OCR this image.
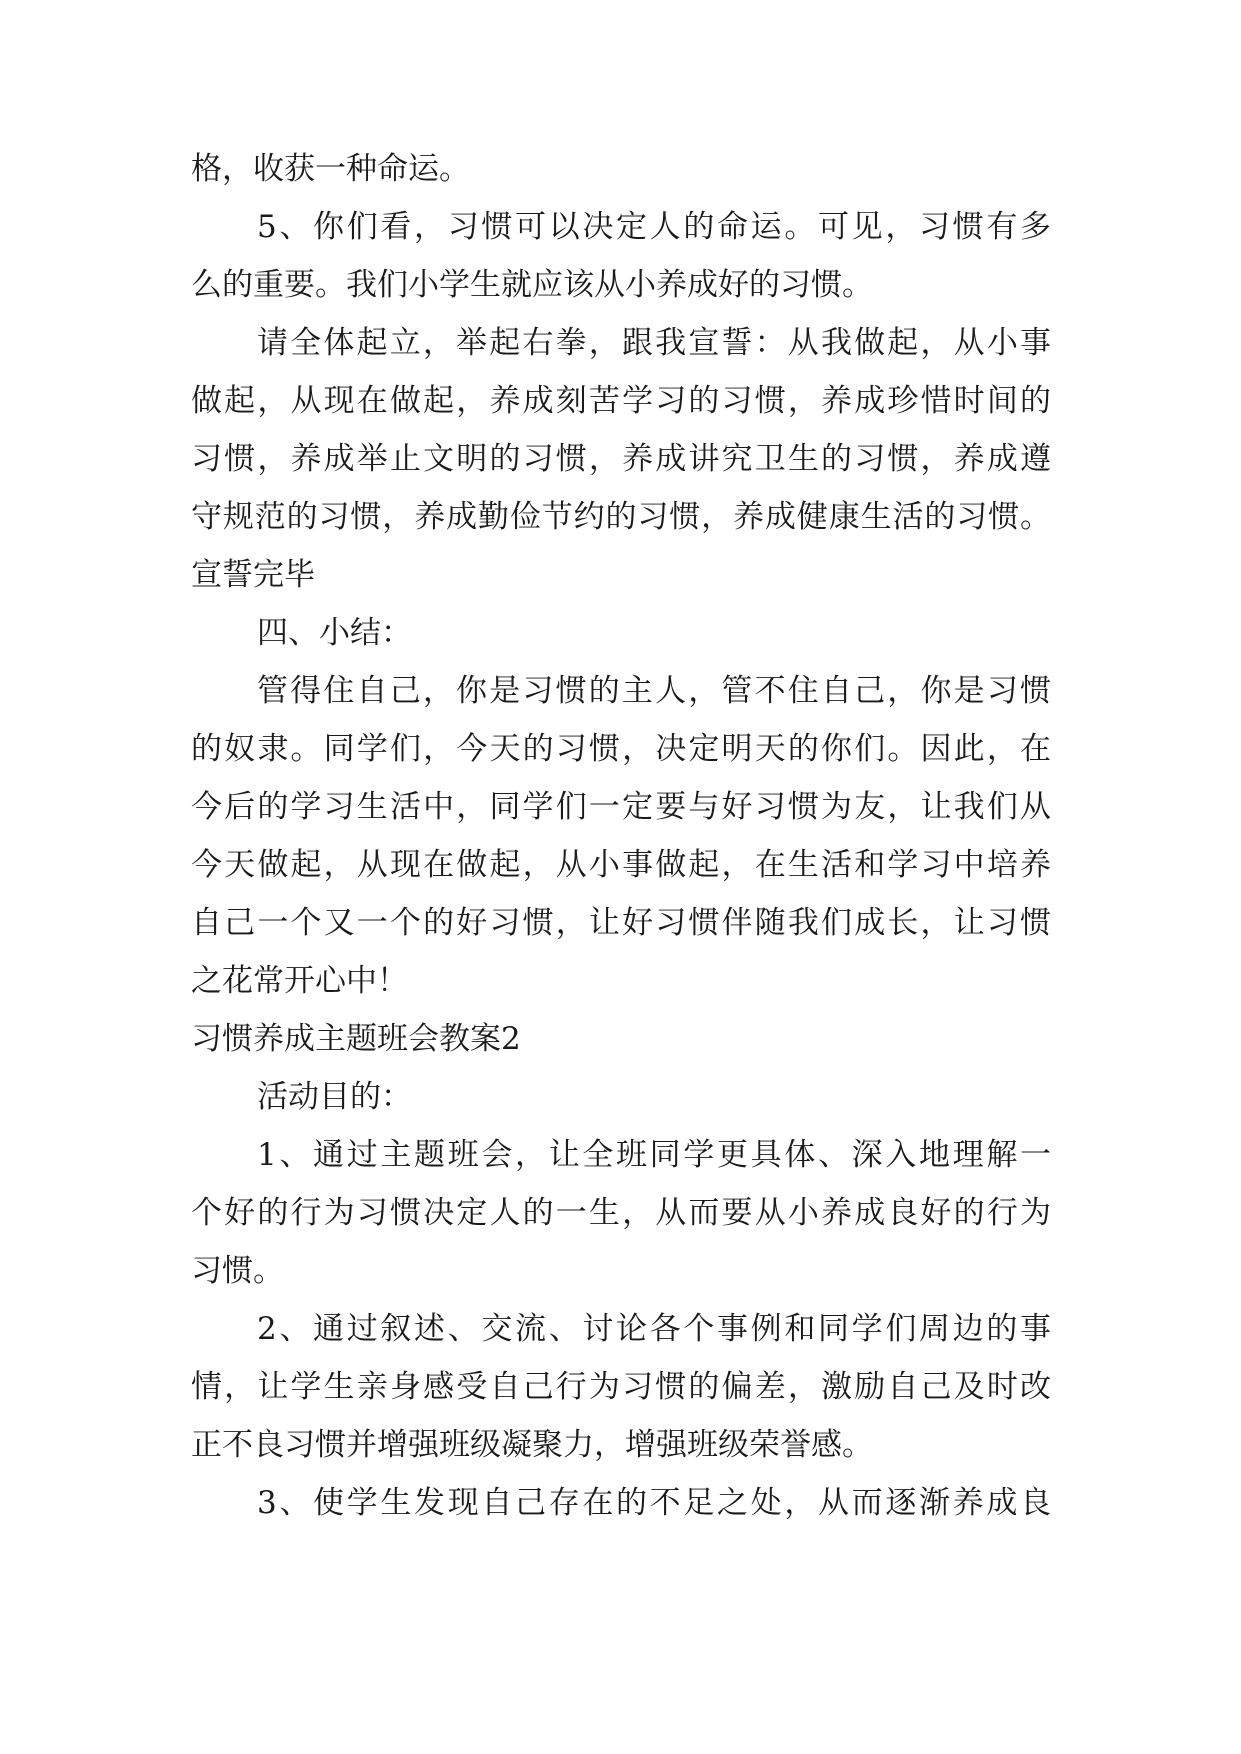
格，收获一种命运。
5、你们看，习惯可以决定人的命运。可见，习惯有多
么的重要。我们小学生就应该从小养成好的习惯。
请全体起立，举起右拳，跟我宣誓：从我做起，从小事
做起，从现在做起，养成刻苦学习的习惯，养成珍惜时间的
习惯，养成举止文明的习惯，养成讲究卫生的习惯，养成遵
守规范的习惯，养成勤俭节约的习惯，养成健康生活的习惯。
宣誓完毕
四、小结：
管得住自己，你是习惯的主人，管不住自己，你是习惯
的奴隶。同学们，今天的习惯，决定明天的你们。因此，在
今后的学习生活中，同学们一定要与好习惯为友，让我们从
今天做起，从现在做起，从小事做起，在生活和学习中培养
自己一个又一个的好习惯，让好习惯伴随我们成长，让习惯
之花常开心中！
习惯养成主题班会教案2
活动目的：
1、通过主题班会，让全班同学更具体、深入地理解一
个好的行为习惯决定人的一生，从而要从小养成良好的行为
习惯。
2、通过叙述、交流、讨论各个事例和同学们周边的事
情，让学生亲身感受自己行为习惯的偏差，激励自己及时改
正不良习惯并增强班级凝聚力，增强班级荣誉感。
3、使学生发现自己存在的不足之处，从而逐渐养成良
